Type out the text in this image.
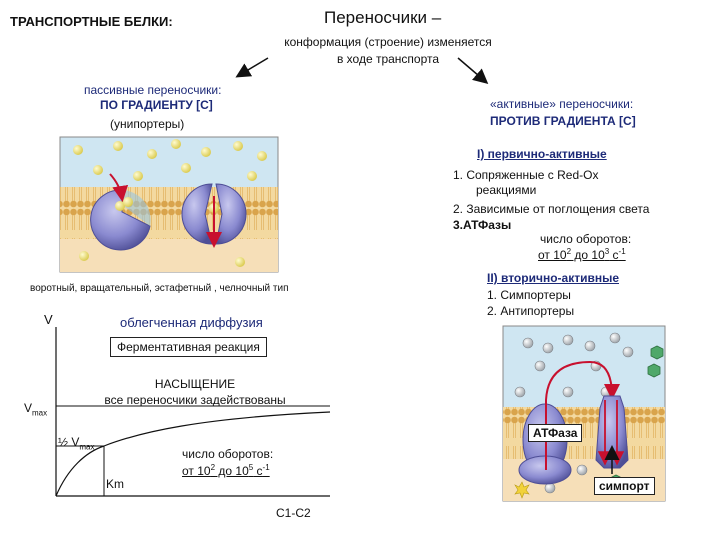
ТРАНСПОРТНЫЕ БЕЛКИ:	Переносчики –
конформация (строение) изменяется
в ходе транспорта
пассивные переносчики:
ПО ГРАДИЕНТУ [С]
(унипортеры)
«активные» переносчики:
ПРОТИВ ГРАДИЕНТА [С]
I) первично-активные
1. Сопряженные с Red-Ox
реакциями
2. Зависимые от поглощения света
3.АТФазы
число оборотов:
от $10^2$ до $10^3$ $с^{-1}$
II) вторично-активные
1. Симпортеры
2. Антипортеры
воротный, вращательный, эстафетный , челночный тип
V	облегченная диффузия
Ферментативная реакция
НАСЫЩЕНИЕ
все переносчики задействованы
$V_{max}$
½ $V_{max}$
Km
число оборотов:
от $10^2$ до $10^5$ $с^{-1}$
С1-С2
АТФаза
симпорт
